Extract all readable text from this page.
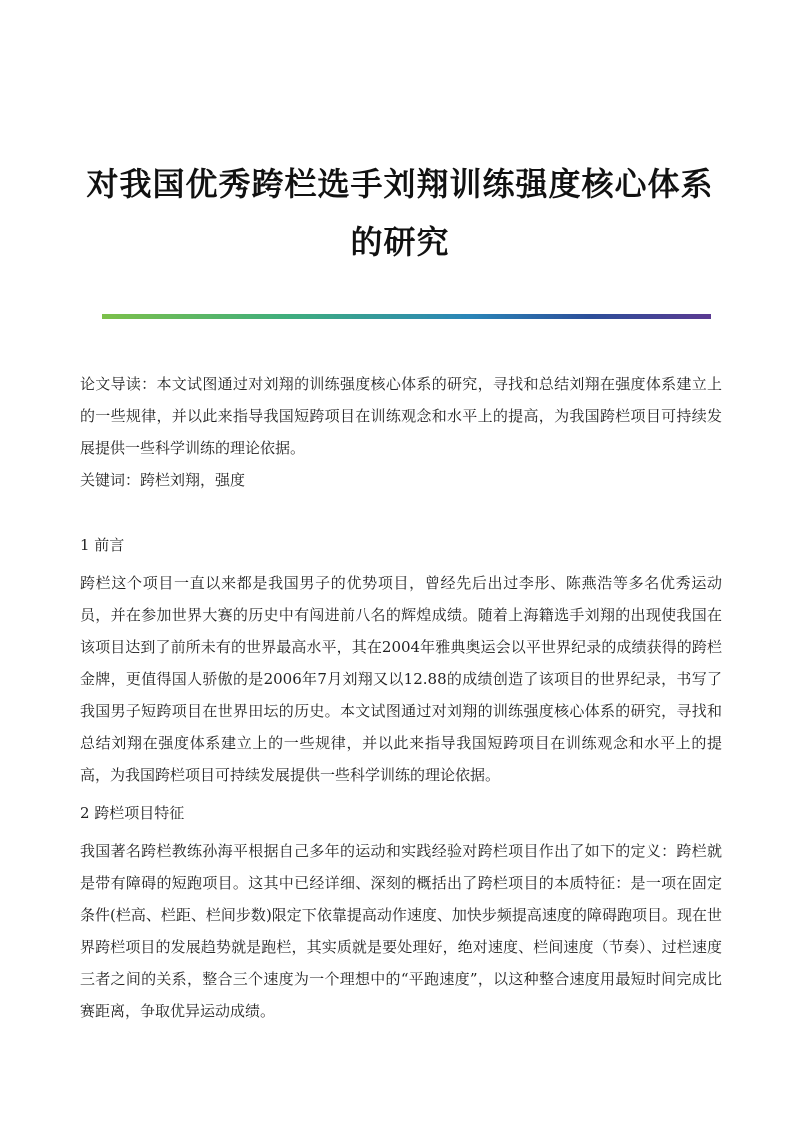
对我国优秀跨栏选手刘翔训练强度核心体系
的研究

论文导读：本文试图通过对刘翔的训练强度核心体系的研究，寻找和总结刘翔在强度体系建立上的一些规律，并以此来指导我国短跨项目在训练观念和水平上的提高，为我国跨栏项目可持续发展提供一些科学训练的理论依据。

关键词：跨栏刘翔，强度

1 前言

跨栏这个项目一直以来都是我国男子的优势项目，曾经先后出过李彤、陈燕浩等多名优秀运动员，并在参加世界大赛的历史中有闯进前八名的辉煌成绩。随着上海籍选手刘翔的出现使我国在该项目达到了前所未有的世界最高水平，其在2004年雅典奥运会以平世界纪录的成绩获得的跨栏金牌，更值得国人骄傲的是2006年7月刘翔又以12.88的成绩创造了该项目的世界纪录，书写了我国男子短跨项目在世界田坛的历史。本文试图通过对刘翔的训练强度核心体系的研究，寻找和总结刘翔在强度体系建立上的一些规律，并以此来指导我国短跨项目在训练观念和水平上的提高，为我国跨栏项目可持续发展提供一些科学训练的理论依据。

2 跨栏项目特征

我国著名跨栏教练孙海平根据自己多年的运动和实践经验对跨栏项目作出了如下的定义：跨栏就是带有障碍的短跑项目。这其中已经详细、深刻的概括出了跨栏项目的本质特征：是一项在固定条件(栏高、栏距、栏间步数)限定下依靠提高动作速度、加快步频提高速度的障碍跑项目。现在世界跨栏项目的发展趋势就是跑栏，其实质就是要处理好，绝对速度、栏间速度（节奏）、过栏速度三者之间的关系，整合三个速度为一个理想中的“平跑速度”，以这种整合速度用最短时间完成比赛距离，争取优异运动成绩。
